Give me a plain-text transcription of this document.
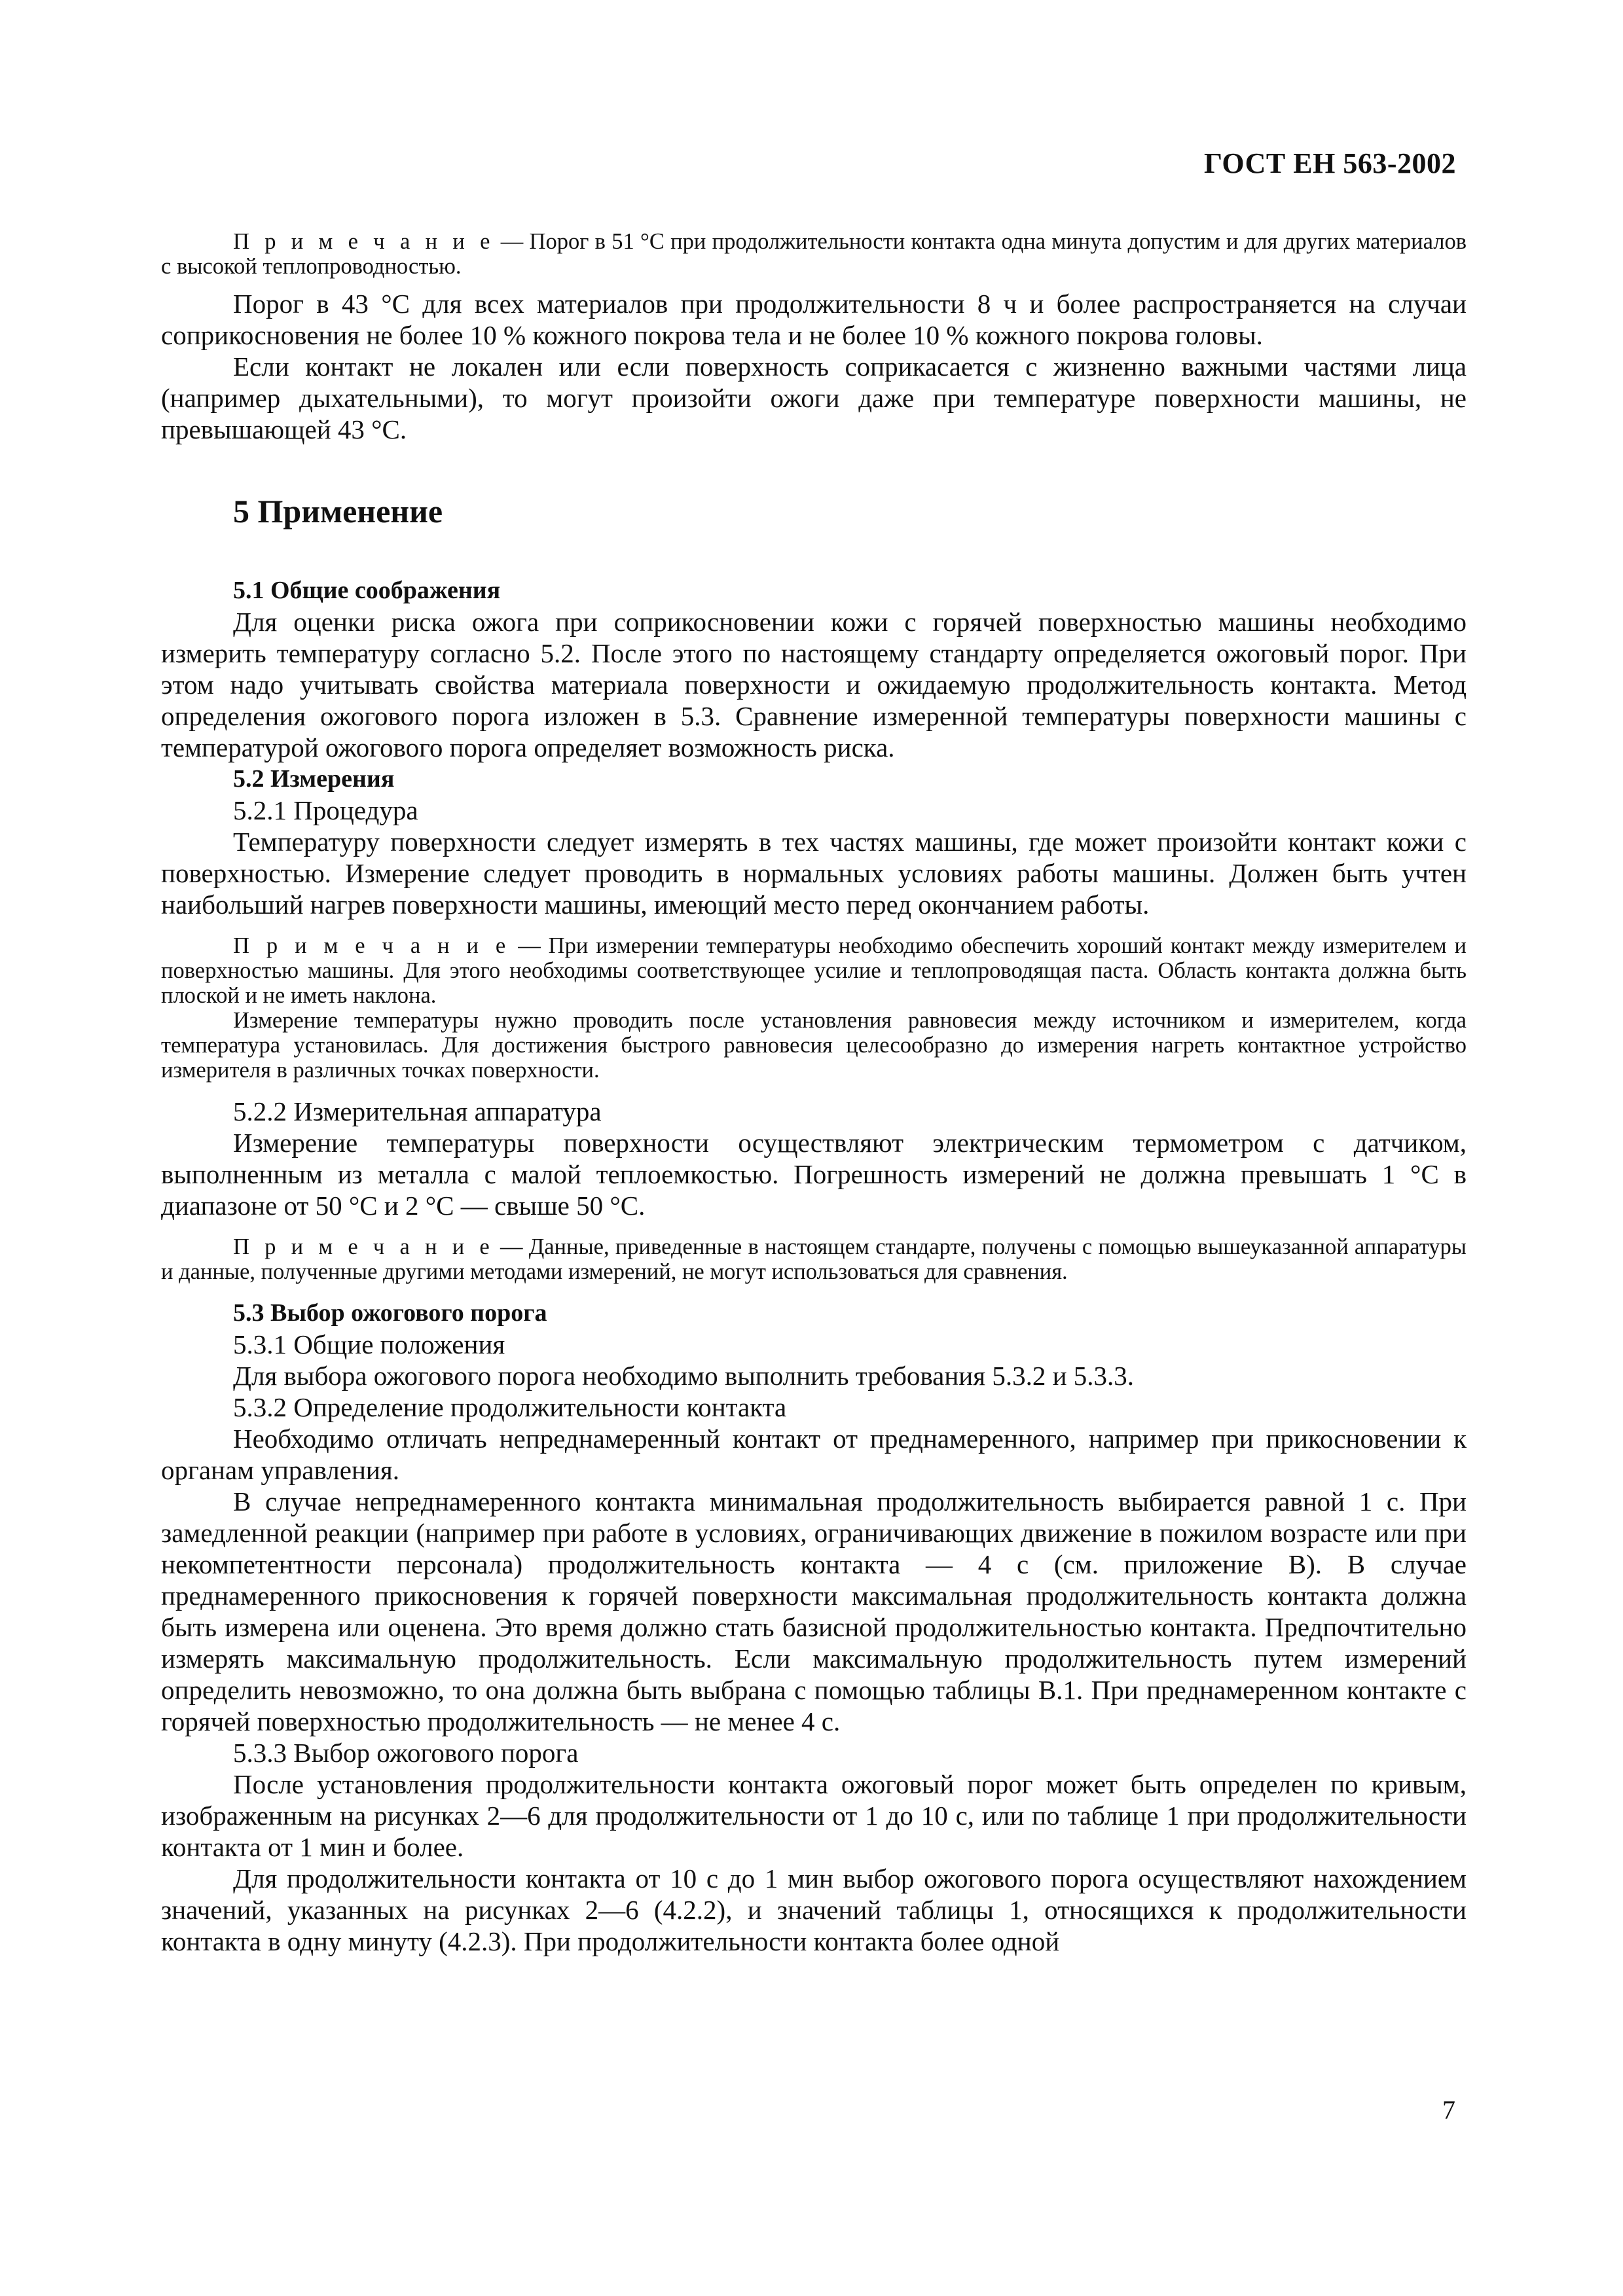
ГОСТ ЕН 563-2002

П р и м е ч а н и е — Порог в 51 °С при продолжительности контакта одна минута допустим и для других материалов с высокой теплопроводностью.

Порог в 43 °С для всех материалов при продолжительности 8 ч и более распространяется на случаи соприкосновения не более 10 % кожного покрова тела и не более 10 % кожного покрова головы.

Если контакт не локален или если поверхность соприкасается с жизненно важными частями лица (например дыхательными), то могут произойти ожоги даже при температуре поверхности машины, не превышающей 43 °С.

5 Применение
5.1 Общие соображения

Для оценки риска ожога при соприкосновении кожи с горячей поверхностью машины необходимо измерить температуру согласно 5.2. После этого по настоящему стандарту определяется ожоговый порог. При этом надо учитывать свойства материала поверхности и ожидаемую продолжительность контакта. Метод определения ожогового порога изложен в 5.3. Сравнение измеренной температуры поверхности машины с температурой ожогового порога определяет возможность риска.

5.2 Измерения
5.2.1 Процедура

Температуру поверхности следует измерять в тех частях машины, где может произойти контакт кожи с поверхностью. Измерение следует проводить в нормальных условиях работы машины. Должен быть учтен наибольший нагрев поверхности машины, имеющий место перед окончанием работы.

П р и м е ч а н и е — При измерении температуры необходимо обеспечить хороший контакт между измерителем и поверхностью машины. Для этого необходимы соответствующее усилие и теплопроводящая паста. Область контакта должна быть плоской и не иметь наклона.

Измерение температуры нужно проводить после установления равновесия между источником и измерителем, когда температура установилась. Для достижения быстрого равновесия целесообразно до измерения нагреть контактное устройство измерителя в различных точках поверхности.

5.2.2 Измерительная аппаратура

Измерение температуры поверхности осуществляют электрическим термометром с датчиком, выполненным из металла с малой теплоемкостью. Погрешность измерений не должна превышать 1 °С в диапазоне от 50 °С и 2 °С — свыше 50 °С.

П р и м е ч а н и е — Данные, приведенные в настоящем стандарте, получены с помощью вышеуказанной аппаратуры и данные, полученные другими методами измерений, не могут использоваться для сравнения.

5.3 Выбор ожогового порога
5.3.1 Общие положения

Для выбора ожогового порога необходимо выполнить требования 5.3.2 и 5.3.3.

5.3.2 Определение продолжительности контакта

Необходимо отличать непреднамеренный контакт от преднамеренного, например при прикосновении к органам управления.

В случае непреднамеренного контакта минимальная продолжительность выбирается равной 1 с. При замедленной реакции (например при работе в условиях, ограничивающих движение в пожилом возрасте или при некомпетентности персонала) продолжительность контакта — 4 с (см. приложение В). В случае преднамеренного прикосновения к горячей поверхности максимальная продолжительность контакта должна быть измерена или оценена. Это время должно стать базисной продолжительностью контакта. Предпочтительно измерять максимальную продолжительность. Если максимальную продолжительность путем измерений определить невозможно, то она должна быть выбрана с помощью таблицы В.1. При преднамеренном контакте с горячей поверхностью продолжительность — не менее 4 с.

5.3.3 Выбор ожогового порога

После установления продолжительности контакта ожоговый порог может быть определен по кривым, изображенным на рисунках 2—6 для продолжительности от 1 до 10 с, или по таблице 1 при продолжительности контакта от 1 мин и более.

Для продолжительности контакта от 10 с до 1 мин выбор ожогового порога осуществляют нахождением значений, указанных на рисунках 2—6 (4.2.2), и значений таблицы 1, относящихся к продолжительности контакта в одну минуту (4.2.3). При продолжительности контакта более одной

7
